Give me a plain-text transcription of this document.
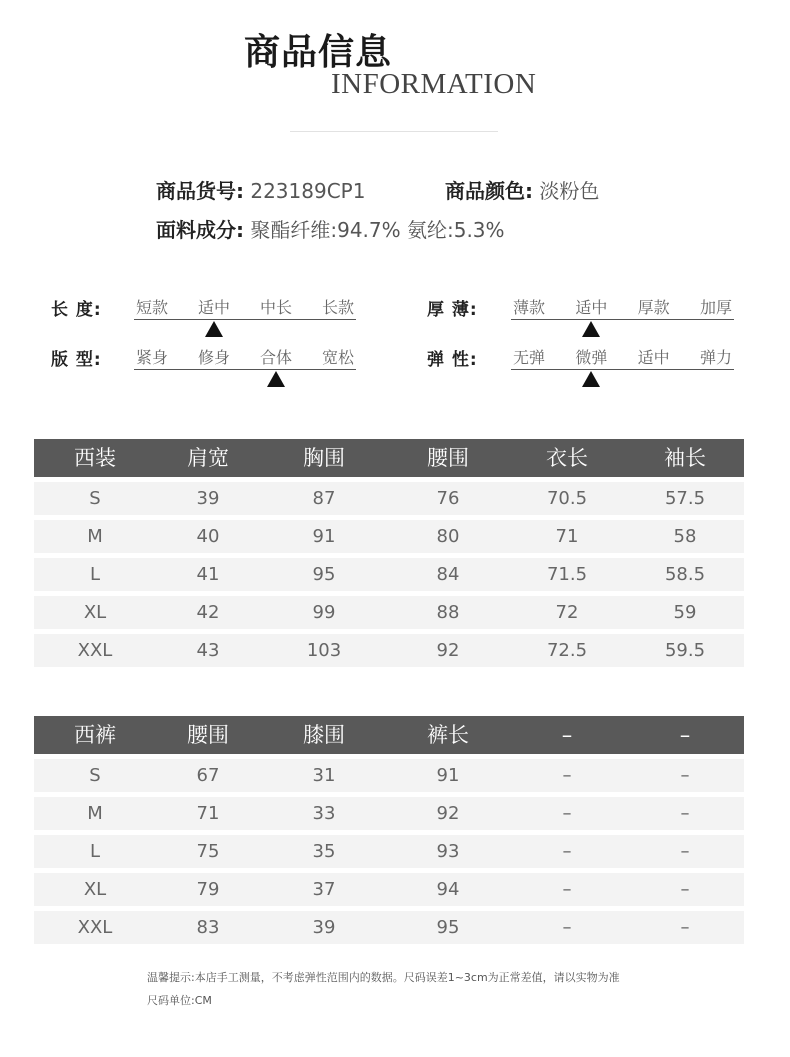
商品信息
INFORMATION
商品货号: 223189CP1	商品颜色: 淡粉色
面料成分: 聚酯纤维:94.7% 氨纶:5.3%
长 度: 短款 适中 中长 长款
版 型: 紧身 修身 合体 宽松
厚 薄: 薄款 适中 厚款 加厚
弹 性: 无弹 微弹 适中 弹力
西装	肩宽	胸围	腰围	衣长	袖长
S	39	87	76	70.5	57.5
M	40	91	80	71	58
L	41	95	84	71.5	58.5
XL	42	99	88	72	59
XXL	43	103	92	72.5	59.5
西裤	腰围	膝围	裤长	–	–
S	67	31	91	–	–
M	71	33	92	–	–
L	75	35	93	–	–
XL	79	37	94	–	–
XXL	83	39	95	–	–
温馨提示:本店手工测量，不考虑弹性范围内的数据。尺码误差1~3cm为正常差值，请以实物为准
尺码单位:CM
